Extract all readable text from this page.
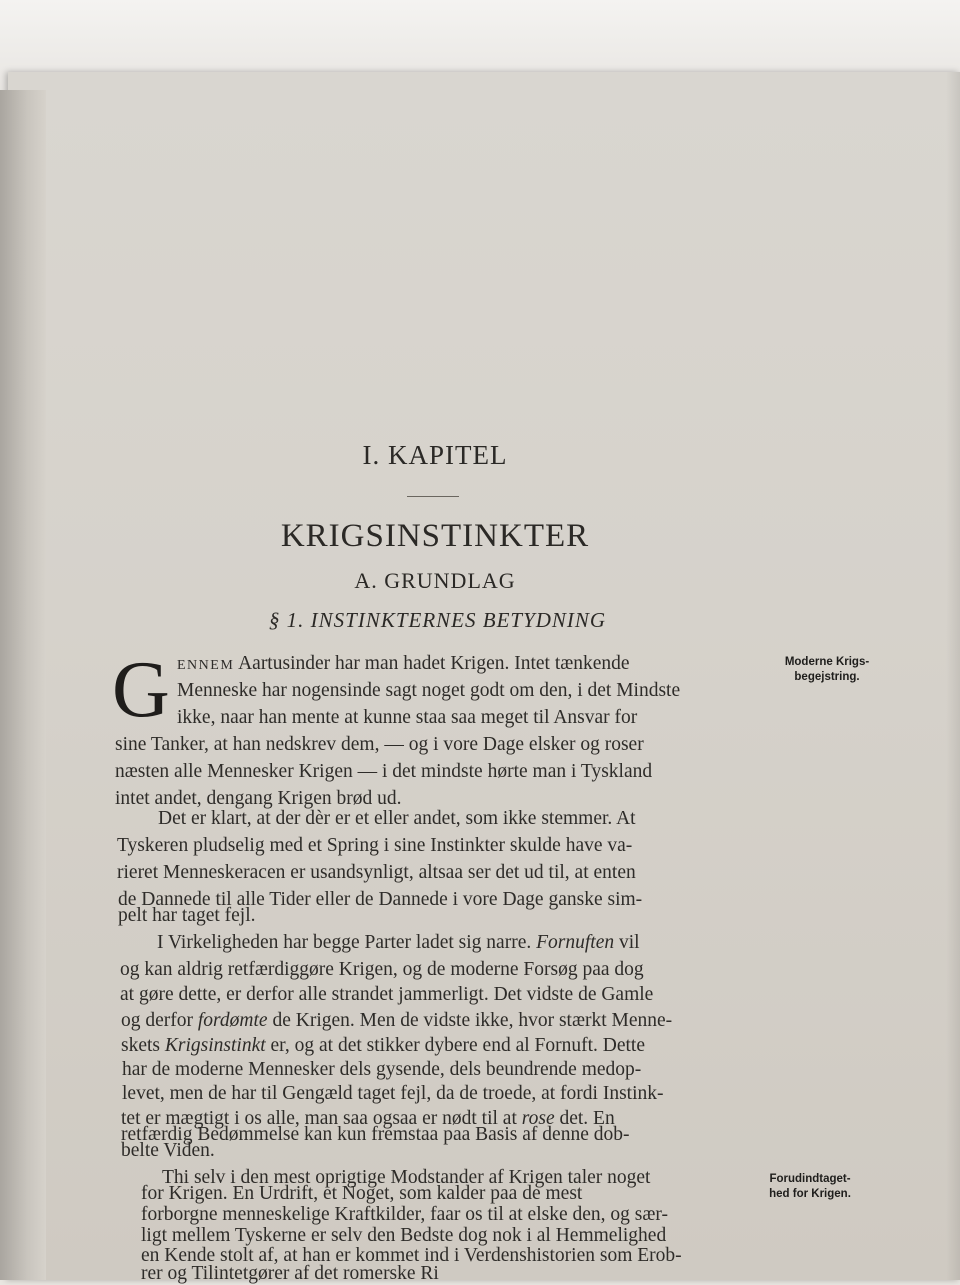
I. KAPITEL
KRIGSINSTINKTER
A. GRUNDLAG
§ 1. INSTINKTERNES BETYDNING
G ENNEM Aartusinder har man hadet Krigen. Intet tænkende
Menneske har nogensinde sagt noget godt om den, i det Mindste
ikke, naar han mente at kunne staa saa meget til Ansvar for
sine Tanker, at han nedskrev dem, — og i vore Dage elsker og roser
næsten alle Mennesker Krigen — i det mindste hørte man i Tyskland
intet andet, dengang Krigen brød ud.
Det er klart, at der dèr er et eller andet, som ikke stemmer. At
Tyskeren pludselig med et Spring i sine Instinkter skulde have va-
rieret Menneskeracen er usandsynligt, altsaa ser det ud til, at enten
de Dannede til alle Tider eller de Dannede i vore Dage ganske sim-
pelt har taget fejl.
I Virkeligheden har begge Parter ladet sig narre. Fornuften vil
og kan aldrig retfærdiggøre Krigen, og de moderne Forsøg paa dog
at gøre dette, er derfor alle strandet jammerligt. Det vidste de Gamle
og derfor fordømte de Krigen. Men de vidste ikke, hvor stærkt Menne-
skets Krigsinstinkt er, og at det stikker dybere end al Fornuft. Dette
har de moderne Mennesker dels gysende, dels beundrende medop-
levet, men de har til Gengæld taget fejl, da de troede, at fordi Instink-
tet er mægtigt i os alle, man saa ogsaa er nødt til at rose det. En
retfærdig Bedømmelse kan kun fremstaa paa Basis af denne dob-
belte Viden.
Thi selv i den mest oprigtige Modstander af Krigen taler noget
for Krigen. En Urdrift, et Noget, som kalder paa de mest
forborgne menneskelige Kraftkilder, faar os til at elske den, og sær-
ligt mellem Tyskerne er selv den Bedste dog nok i al Hemmelighed
en Kende stolt af, at han er kommet ind i Verdenshistorien som Erob-
rer og Tilintetgører af det romerske Ri
Moderne Krigs-
begejstring.
Forudindtaget-
hed for Krigen.
